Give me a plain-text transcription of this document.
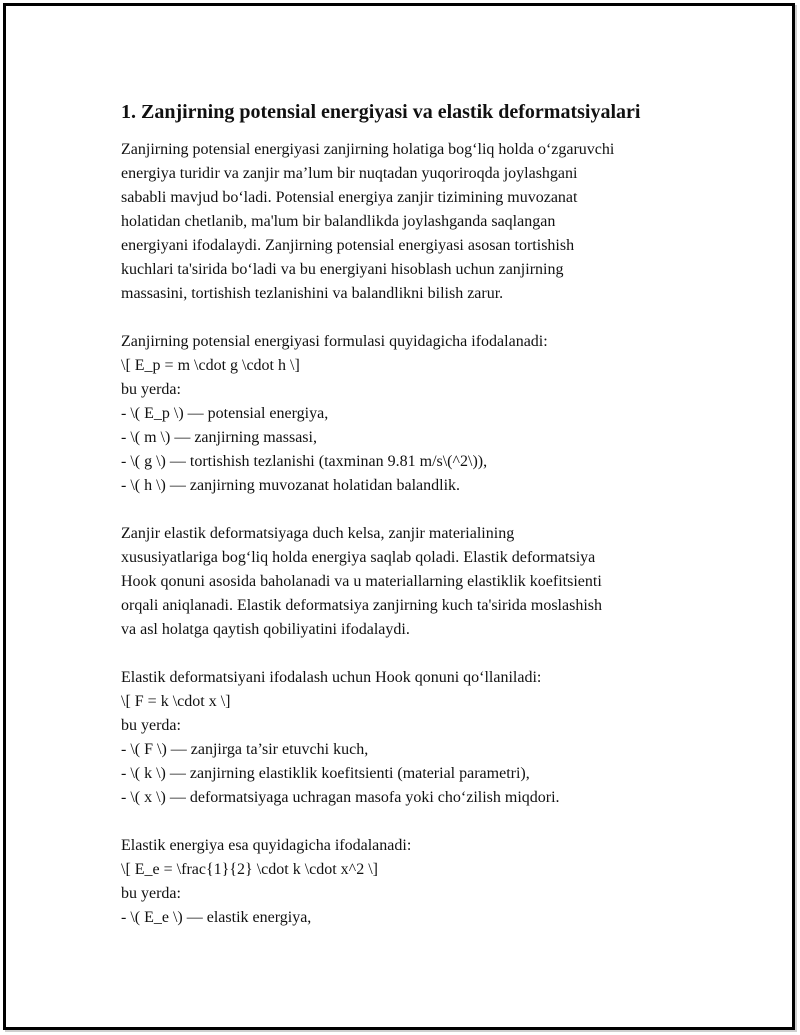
1. Zanjirning potensial energiyasi va elastik deformatsiyalari
Zanjirning potensial energiyasi zanjirning holatiga bog‘liq holda o‘zgaruvchi
energiya turidir va zanjir ma’lum bir nuqtadan yuqoriroqda joylashgani
sababli mavjud bo‘ladi. Potensial energiya zanjir tizimining muvozanat
holatidan chetlanib, ma'lum bir balandlikda joylashganda saqlangan
energiyani ifodalaydi. Zanjirning potensial energiyasi asosan tortishish
kuchlari ta'sirida bo‘ladi va bu energiyani hisoblash uchun zanjirning
massasini, tortishish tezlanishini va balandlikni bilish zarur.
Zanjirning potensial energiyasi formulasi quyidagicha ifodalanadi:
\[ E_p = m \cdot g \cdot h \]
bu yerda:
- \( E_p \) — potensial energiya,
- \( m \) — zanjirning massasi,
- \( g \) — tortishish tezlanishi (taxminan 9.81 m/s\(^2\)),
- \( h \) — zanjirning muvozanat holatidan balandlik.
Zanjir elastik deformatsiyaga duch kelsa, zanjir materialining
xususiyatlariga bog‘liq holda energiya saqlab qoladi. Elastik deformatsiya
Hook qonuni asosida baholanadi va u materiallarning elastiklik koefitsienti
orqali aniqlanadi. Elastik deformatsiya zanjirning kuch ta'sirida moslashish
va asl holatga qaytish qobiliyatini ifodalaydi.
Elastik deformatsiyani ifodalash uchun Hook qonuni qo‘llaniladi:
\[ F = k \cdot x \]
bu yerda:
- \( F \) — zanjirga ta’sir etuvchi kuch,
- \( k \) — zanjirning elastiklik koefitsienti (material parametri),
- \( x \) — deformatsiyaga uchragan masofa yoki cho‘zilish miqdori.
Elastik energiya esa quyidagicha ifodalanadi:
\[ E_e = \frac{1}{2} \cdot k \cdot x^2 \]
bu yerda:
- \( E_e \) — elastik energiya,
